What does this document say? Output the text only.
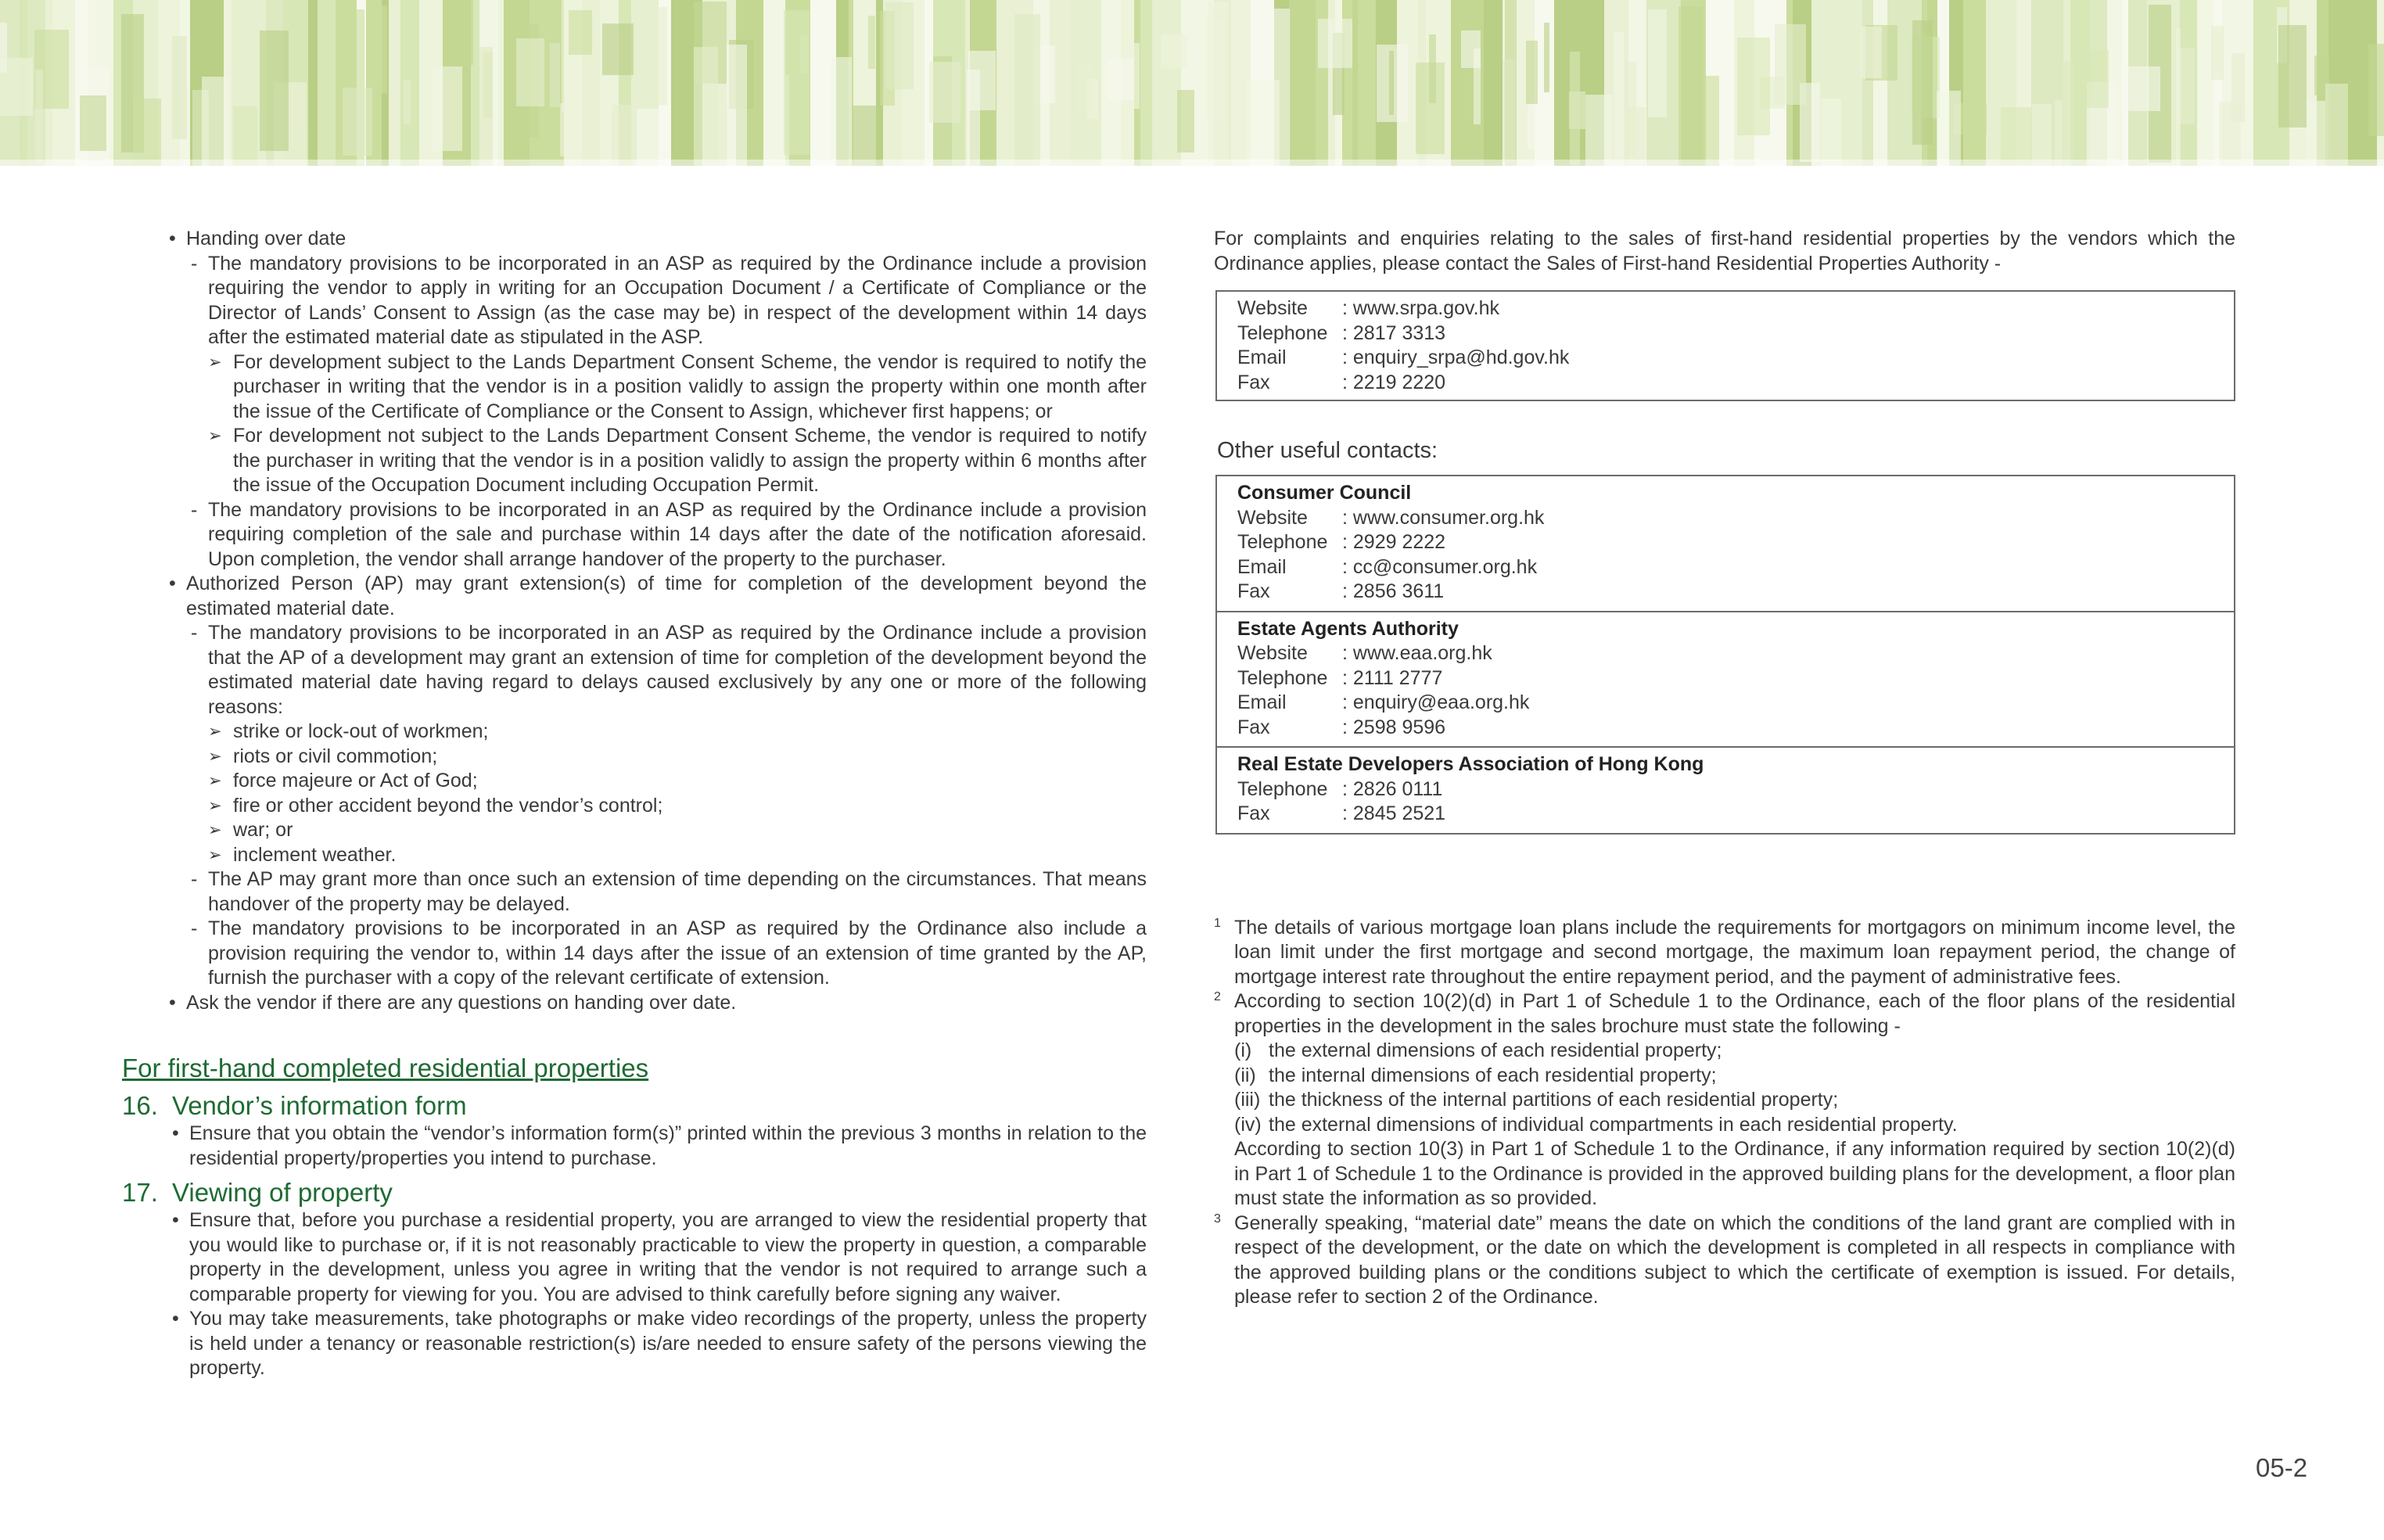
• Handing over date
- The mandatory provisions to be incorporated in an ASP as required by the Ordinance include a provision requiring the vendor to apply in writing for an Occupation Document / a Certificate of Compliance or the Director of Lands’ Consent to Assign (as the case may be) in respect of the development within 14 days after the estimated material date as stipulated in the ASP.
➢ For development subject to the Lands Department Consent Scheme, the vendor is required to notify the purchaser in writing that the vendor is in a position validly to assign the property within one month after the issue of the Certificate of Compliance or the Consent to Assign, whichever first happens; or
➢ For development not subject to the Lands Department Consent Scheme, the vendor is required to notify the purchaser in writing that the vendor is in a position validly to assign the property within 6 months after the issue of the Occupation Document including Occupation Permit.
- The mandatory provisions to be incorporated in an ASP as required by the Ordinance include a provision requiring completion of the sale and purchase within 14 days after the date of the notification aforesaid. Upon completion, the vendor shall arrange handover of the property to the purchaser.
• Authorized Person (AP) may grant extension(s) of time for completion of the development beyond the estimated material date.
- The mandatory provisions to be incorporated in an ASP as required by the Ordinance include a provision that the AP of a development may grant an extension of time for completion of the development beyond the estimated material date having regard to delays caused exclusively by any one or more of the following reasons:
➢ strike or lock-out of workmen;
➢ riots or civil commotion;
➢ force majeure or Act of God;
➢ fire or other accident beyond the vendor’s control;
➢ war; or
➢ inclement weather.
- The AP may grant more than once such an extension of time depending on the circumstances. That means handover of the property may be delayed.
- The mandatory provisions to be incorporated in an ASP as required by the Ordinance also include a provision requiring the vendor to, within 14 days after the issue of an extension of time granted by the AP, furnish the purchaser with a copy of the relevant certificate of extension.
• Ask the vendor if there are any questions on handing over date.
For first-hand completed residential properties
16. Vendor’s information form
• Ensure that you obtain the “vendor’s information form(s)” printed within the previous 3 months in relation to the residential property/properties you intend to purchase.
17. Viewing of property
• Ensure that, before you purchase a residential property, you are arranged to view the residential property that you would like to purchase or, if it is not reasonably practicable to view the property in question, a comparable property in the development, unless you agree in writing that the vendor is not required to arrange such a comparable property for viewing for you. You are advised to think carefully before signing any waiver.
• You may take measurements, take photographs or make video recordings of the property, unless the property is held under a tenancy or reasonable restriction(s) is/are needed to ensure safety of the persons viewing the property.
For complaints and enquiries relating to the sales of first-hand residential properties by the vendors which the Ordinance applies, please contact the Sales of First-hand Residential Properties Authority -
Website	: www.srpa.gov.hk
Telephone : 2817 3313
Email	: enquiry_srpa@hd.gov.hk
Fax	: 2219 2220
Other useful contacts:
Consumer Council
Website	: www.consumer.org.hk
Telephone : 2929 2222
Email	: cc@consumer.org.hk
Fax	: 2856 3611
Estate Agents Authority
Website	: www.eaa.org.hk
Telephone : 2111 2777
Email	: enquiry@eaa.org.hk
Fax	: 2598 9596
Real Estate Developers Association of Hong Kong
Telephone : 2826 0111
Fax	: 2845 2521
1 The details of various mortgage loan plans include the requirements for mortgagors on minimum income level, the loan limit under the first mortgage and second mortgage, the maximum loan repayment period, the change of mortgage interest rate throughout the entire repayment period, and the payment of administrative fees.
2 According to section 10(2)(d) in Part 1 of Schedule 1 to the Ordinance, each of the floor plans of the residential properties in the development in the sales brochure must state the following -
(i) the external dimensions of each residential property;
(ii) the internal dimensions of each residential property;
(iii) the thickness of the internal partitions of each residential property;
(iv) the external dimensions of individual compartments in each residential property.
According to section 10(3) in Part 1 of Schedule 1 to the Ordinance, if any information required by section 10(2)(d) in Part 1 of Schedule 1 to the Ordinance is provided in the approved building plans for the development, a floor plan must state the information as so provided.
3 Generally speaking, “material date” means the date on which the conditions of the land grant are complied with in respect of the development, or the date on which the development is completed in all respects in compliance with the approved building plans or the conditions subject to which the certificate of exemption is issued. For details, please refer to section 2 of the Ordinance.
05-2
